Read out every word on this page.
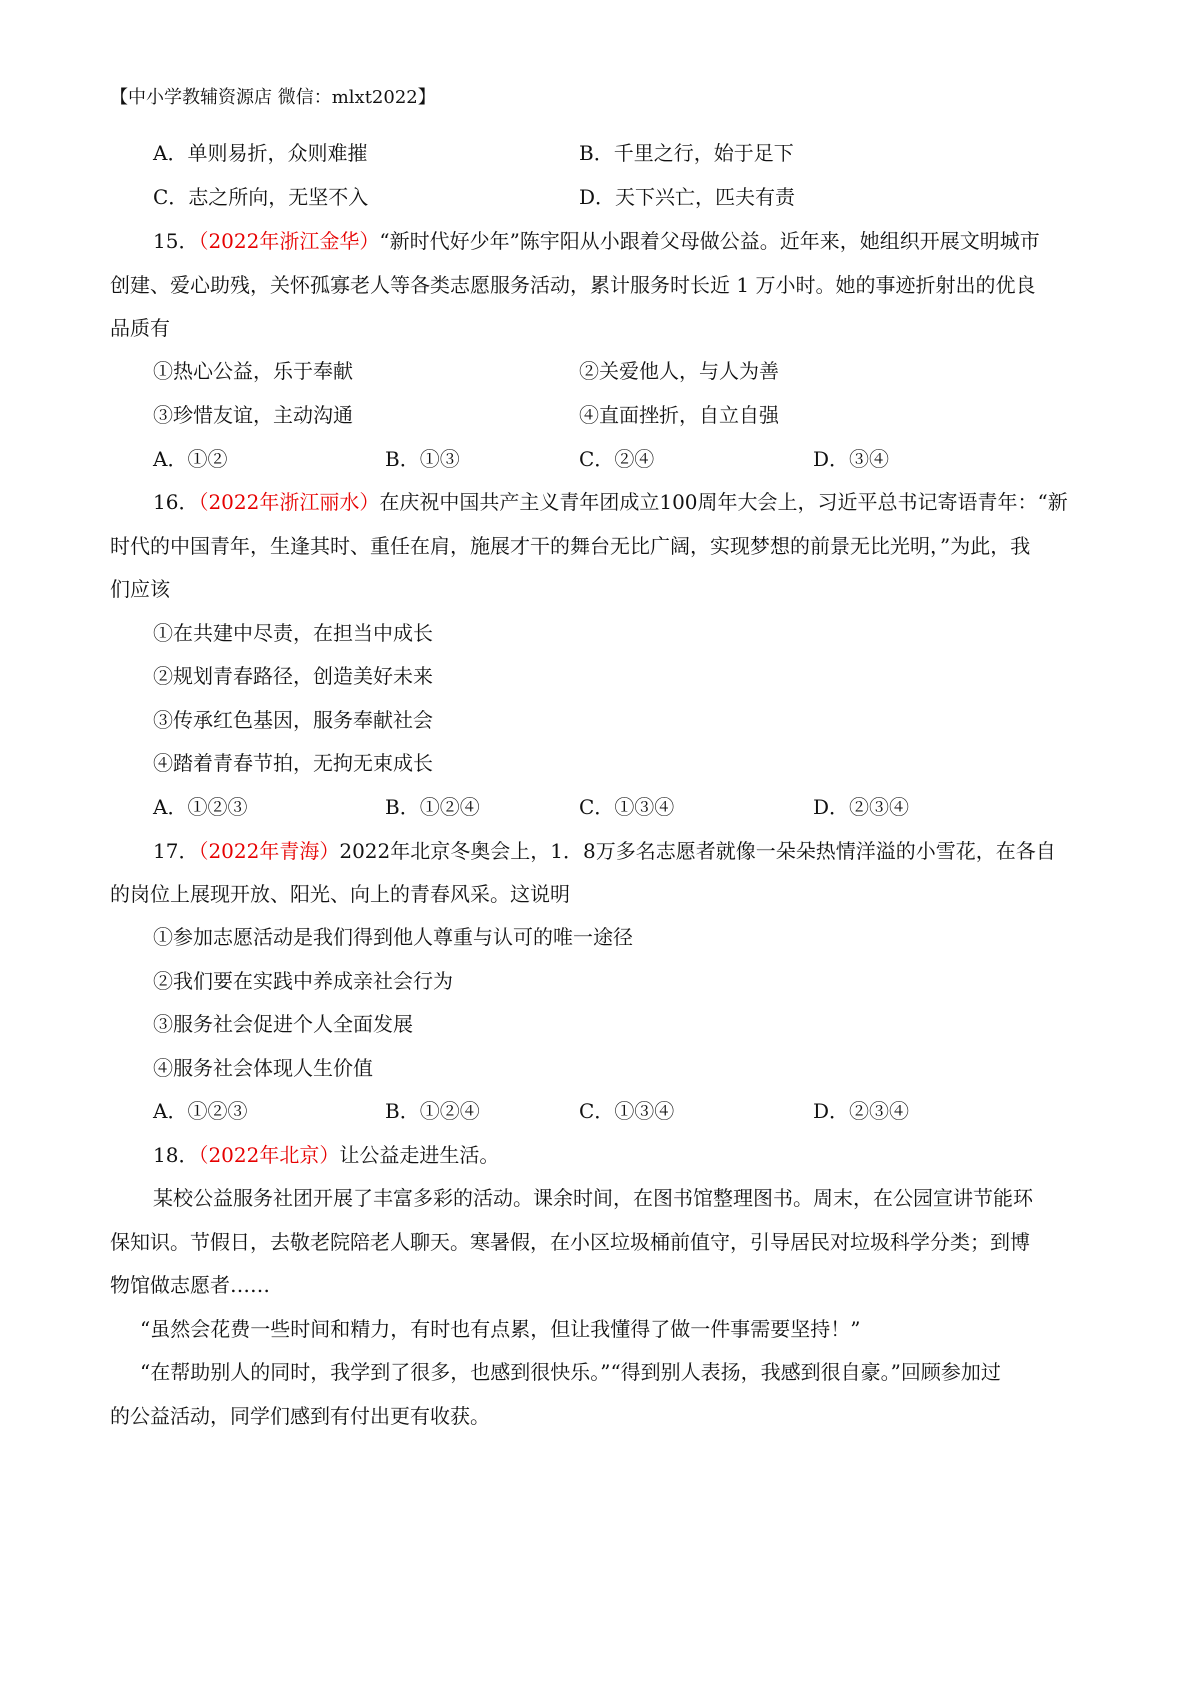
【中小学教辅资源店 微信：mlxt2022】
A．单则易折，众则难摧	B．千里之行，始于足下
C．志之所向，无坚不入	D．天下兴亡，匹夫有责
15．（2022年浙江金华）“新时代好少年”陈宇阳从小跟着父母做公益。近年来，她组织开展文明城市
创建、爱心助残，关怀孤寡老人等各类志愿服务活动，累计服务时长近 1 万小时。她的事迹折射出的优良
品质有
①热心公益，乐于奉献	②关爱他人，与人为善
③珍惜友谊，主动沟通	④直面挫折，自立自强
A．①②	B．①③	C．②④	D．③④
16．（2022年浙江丽水）在庆祝中国共产主义青年团成立100周年大会上，习近平总书记寄语青年：“新
时代的中国青年，生逢其时、重任在肩，施展才干的舞台无比广阔，实现梦想的前景无比光明，”为此，我
们应该
①在共建中尽责，在担当中成长
②规划青春路径，创造美好未来
③传承红色基因，服务奉献社会
④踏着青春节拍，无拘无束成长
A．①②③	B．①②④	C．①③④	D．②③④
17．（2022年青海）2022年北京冬奥会上，1．8万多名志愿者就像一朵朵热情洋溢的小雪花，在各自
的岗位上展现开放、阳光、向上的青春风采。这说明
①参加志愿活动是我们得到他人尊重与认可的唯一途径
②我们要在实践中养成亲社会行为
③服务社会促进个人全面发展
④服务社会体现人生价值
A．①②③	B．①②④	C．①③④	D．②③④
18．（2022年北京）让公益走进生活。
某校公益服务社团开展了丰富多彩的活动。课余时间，在图书馆整理图书。周末，在公园宣讲节能环
保知识。节假日，去敬老院陪老人聊天。寒暑假，在小区垃圾桶前值守，引导居民对垃圾科学分类；到博
物馆做志愿者……
“虽然会花费一些时间和精力，有时也有点累，但让我懂得了做一件事需要坚持！”
“在帮助别人的同时，我学到了很多，也感到很快乐。”“得到别人表扬，我感到很自豪。”回顾参加过
的公益活动，同学们感到有付出更有收获。
